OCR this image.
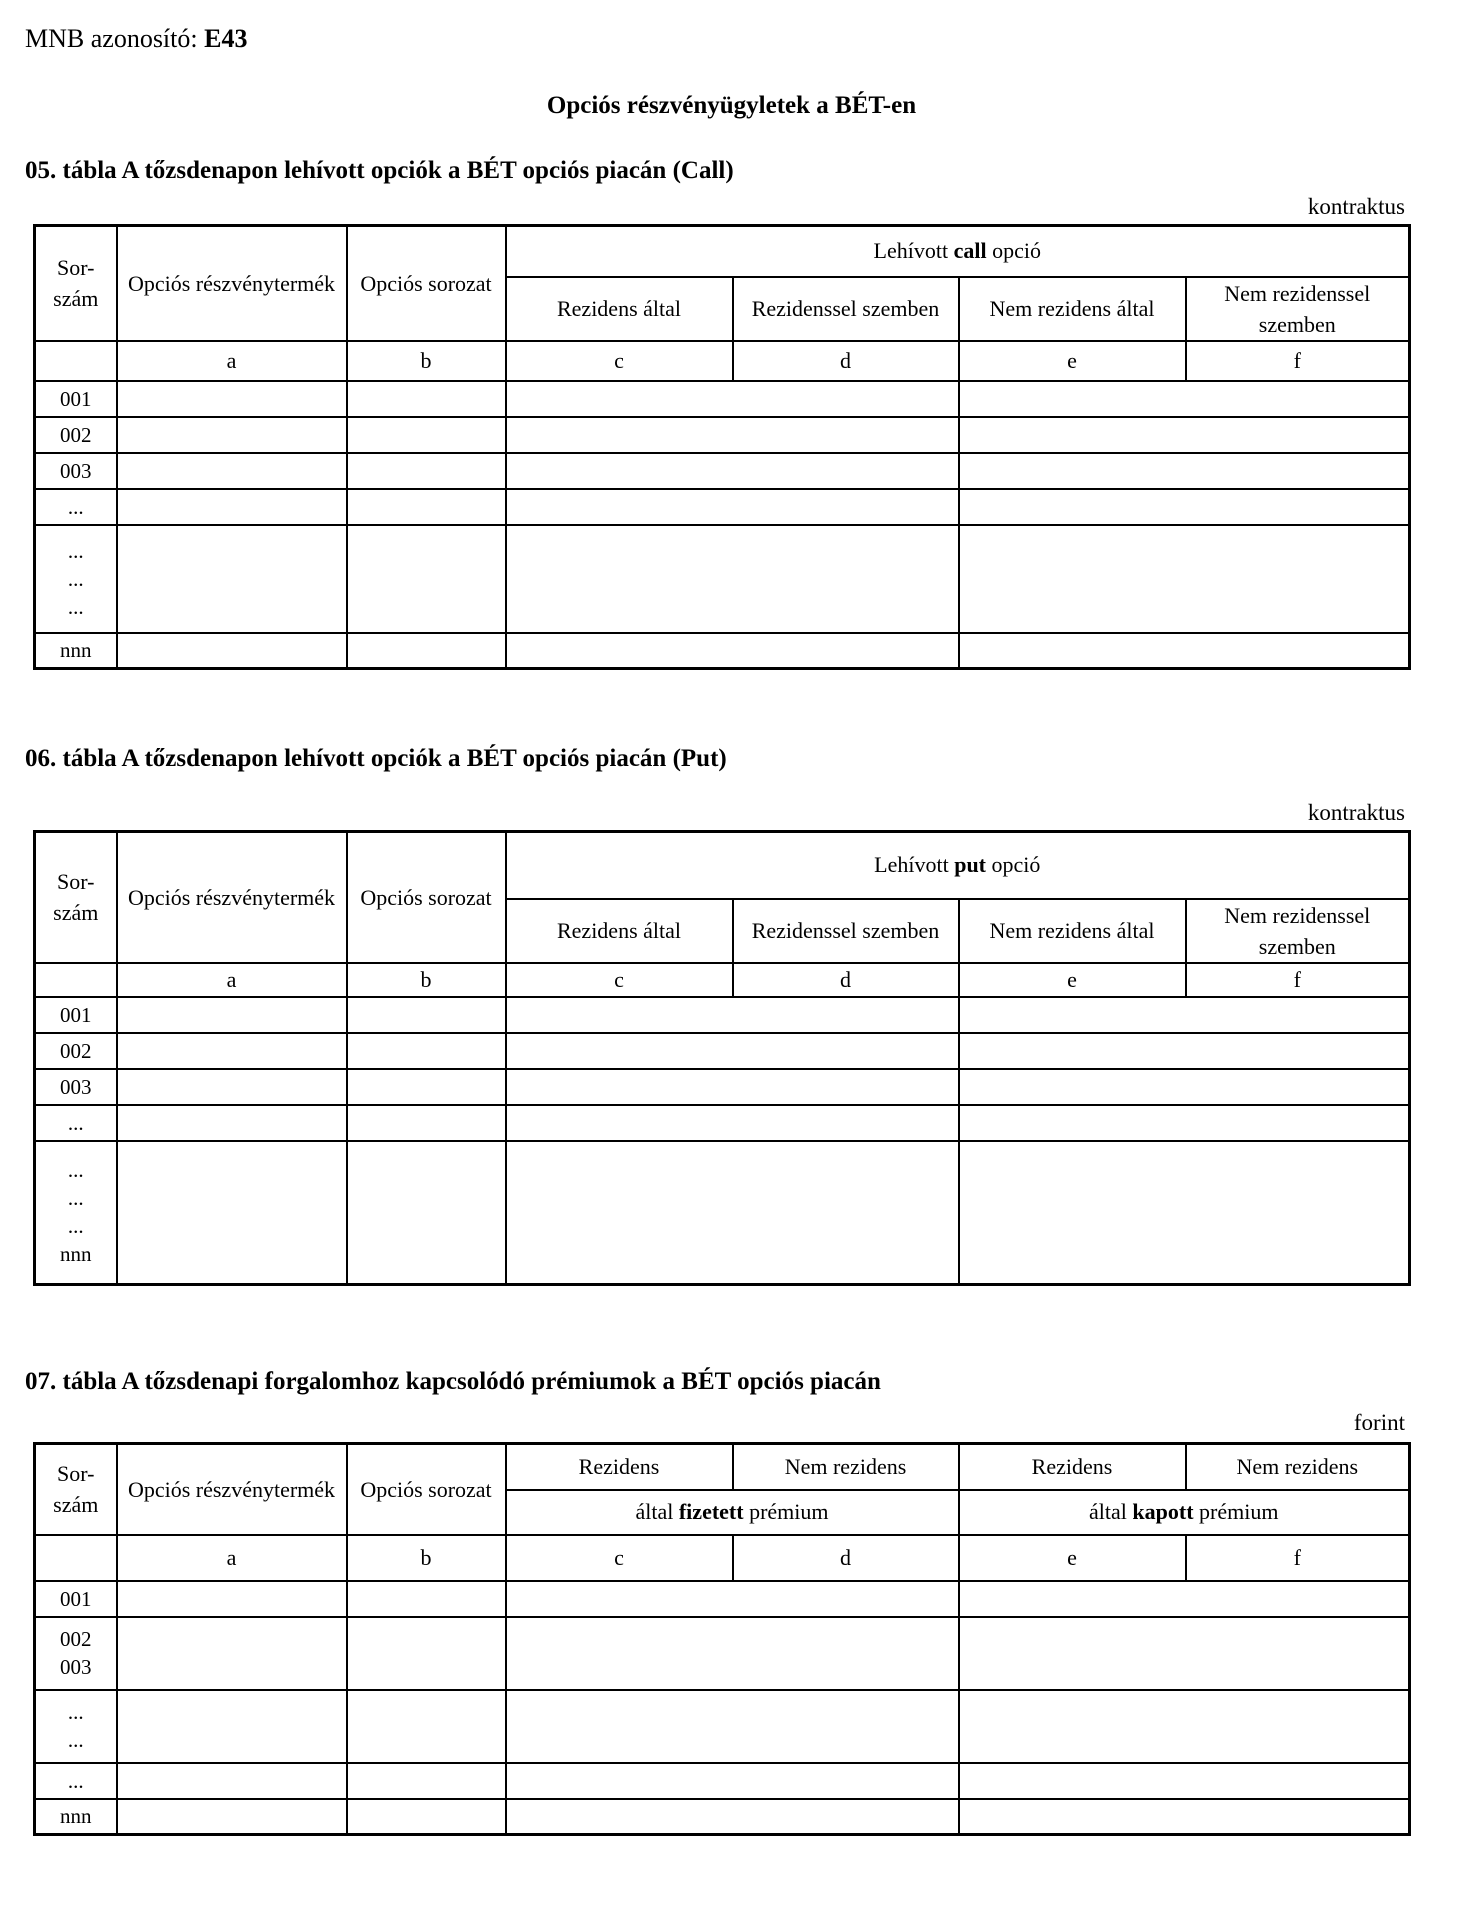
MNB azonosító: E43
Opciós részvényügyletek a BÉT-en
05. tábla A tőzsdenapon lehívott opciók a BÉT opciós piacán (Call)
kontraktus
Sor-szám	Opciós részvénytermék	Opciós sorozat	Lehívott call opció			
			Rezidens által	Rezidenssel szemben	Nem rezidens által	Nem rezidenssel szemben
	a	b	c	d	e	f
001						
002						
003						
...						

...
...
...						

nnn						
06. tábla A tőzsdenapon lehívott opciók a BÉT opciós piacán (Put)
kontraktus
Sor-szám	Opciós részvénytermék	Opciós sorozat	Lehívott put opció			
			Rezidens által	Rezidenssel szemben	Nem rezidens által	Nem rezidenssel szemben
	a	b	c	d	e	f
001						
002						
003						
...						

...
...
...
nnn						

07. tábla A tőzsdenapi forgalomhoz kapcsolódó prémiumok a BÉT opciós piacán
forint
Sor-szám	Opciós részvénytermék	Opciós sorozat	Rezidens	Nem rezidens	Rezidens	Nem rezidens
			által fizetett prémium		által kapott prémium	
	a	b	c	d	e	f
001						

002
003						

...
...						

...						
nnn						
